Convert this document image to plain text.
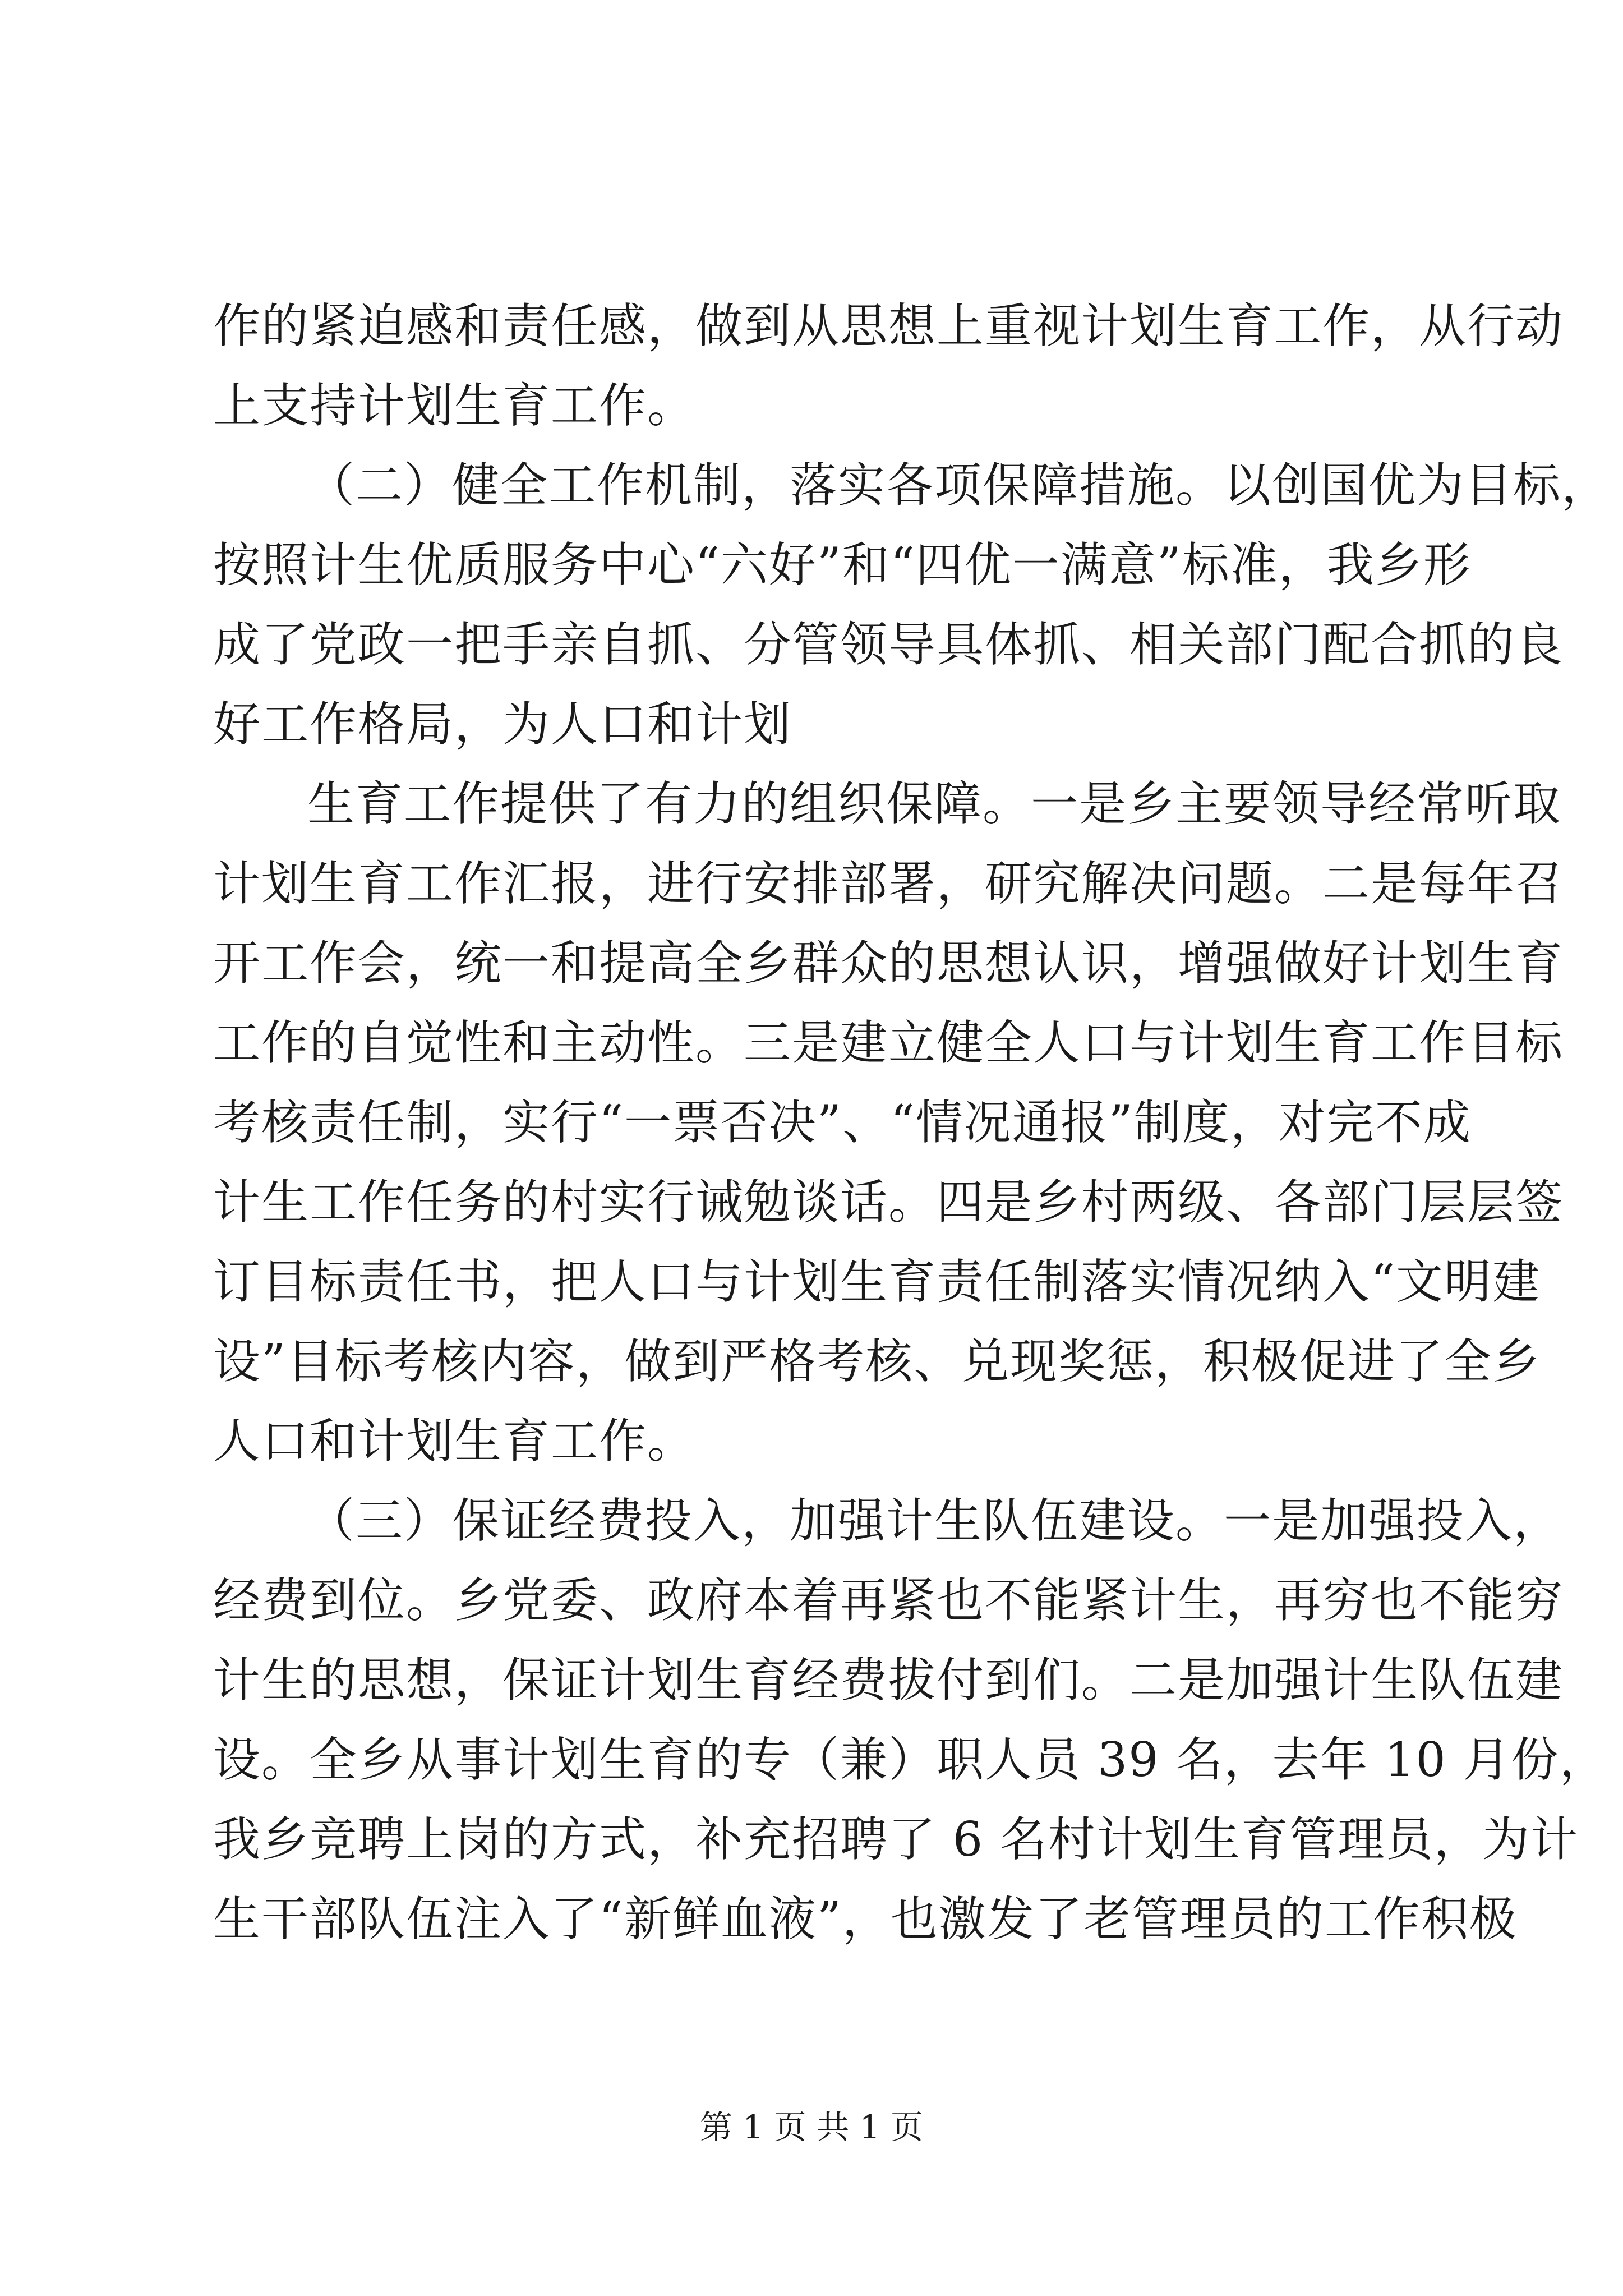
作的紧迫感和责任感，做到从思想上重视计划生育工作，从行动
上支持计划生育工作。
（二）健全工作机制，落实各项保障措施。以创国优为目标，
按照计生优质服务中心“六好”和“四优一满意”标准，我乡形
成了党政一把手亲自抓、分管领导具体抓、相关部门配合抓的良
好工作格局，为人口和计划
生育工作提供了有力的组织保障。一是乡主要领导经常听取
计划生育工作汇报，进行安排部署，研究解决问题。二是每年召
开工作会，统一和提高全乡群众的思想认识，增强做好计划生育
工作的自觉性和主动性。三是建立健全人口与计划生育工作目标
考核责任制，实行“一票否决”、“情况通报”制度，对完不成
计生工作任务的村实行诫勉谈话。四是乡村两级、各部门层层签
订目标责任书，把人口与计划生育责任制落实情况纳入“文明建
设”目标考核内容，做到严格考核、兑现奖惩，积极促进了全乡
人口和计划生育工作。
（三）保证经费投入，加强计生队伍建设。一是加强投入，
经费到位。乡党委、政府本着再紧也不能紧计生，再穷也不能穷
计生的思想，保证计划生育经费拔付到们。二是加强计生队伍建
设。全乡从事计划生育的专（兼）职人员 39 名，去年 10 月份，
我乡竞聘上岗的方式，补充招聘了 6 名村计划生育管理员，为计
生干部队伍注入了“新鲜血液”，也激发了老管理员的工作积极
第 1 页 共 1 页
